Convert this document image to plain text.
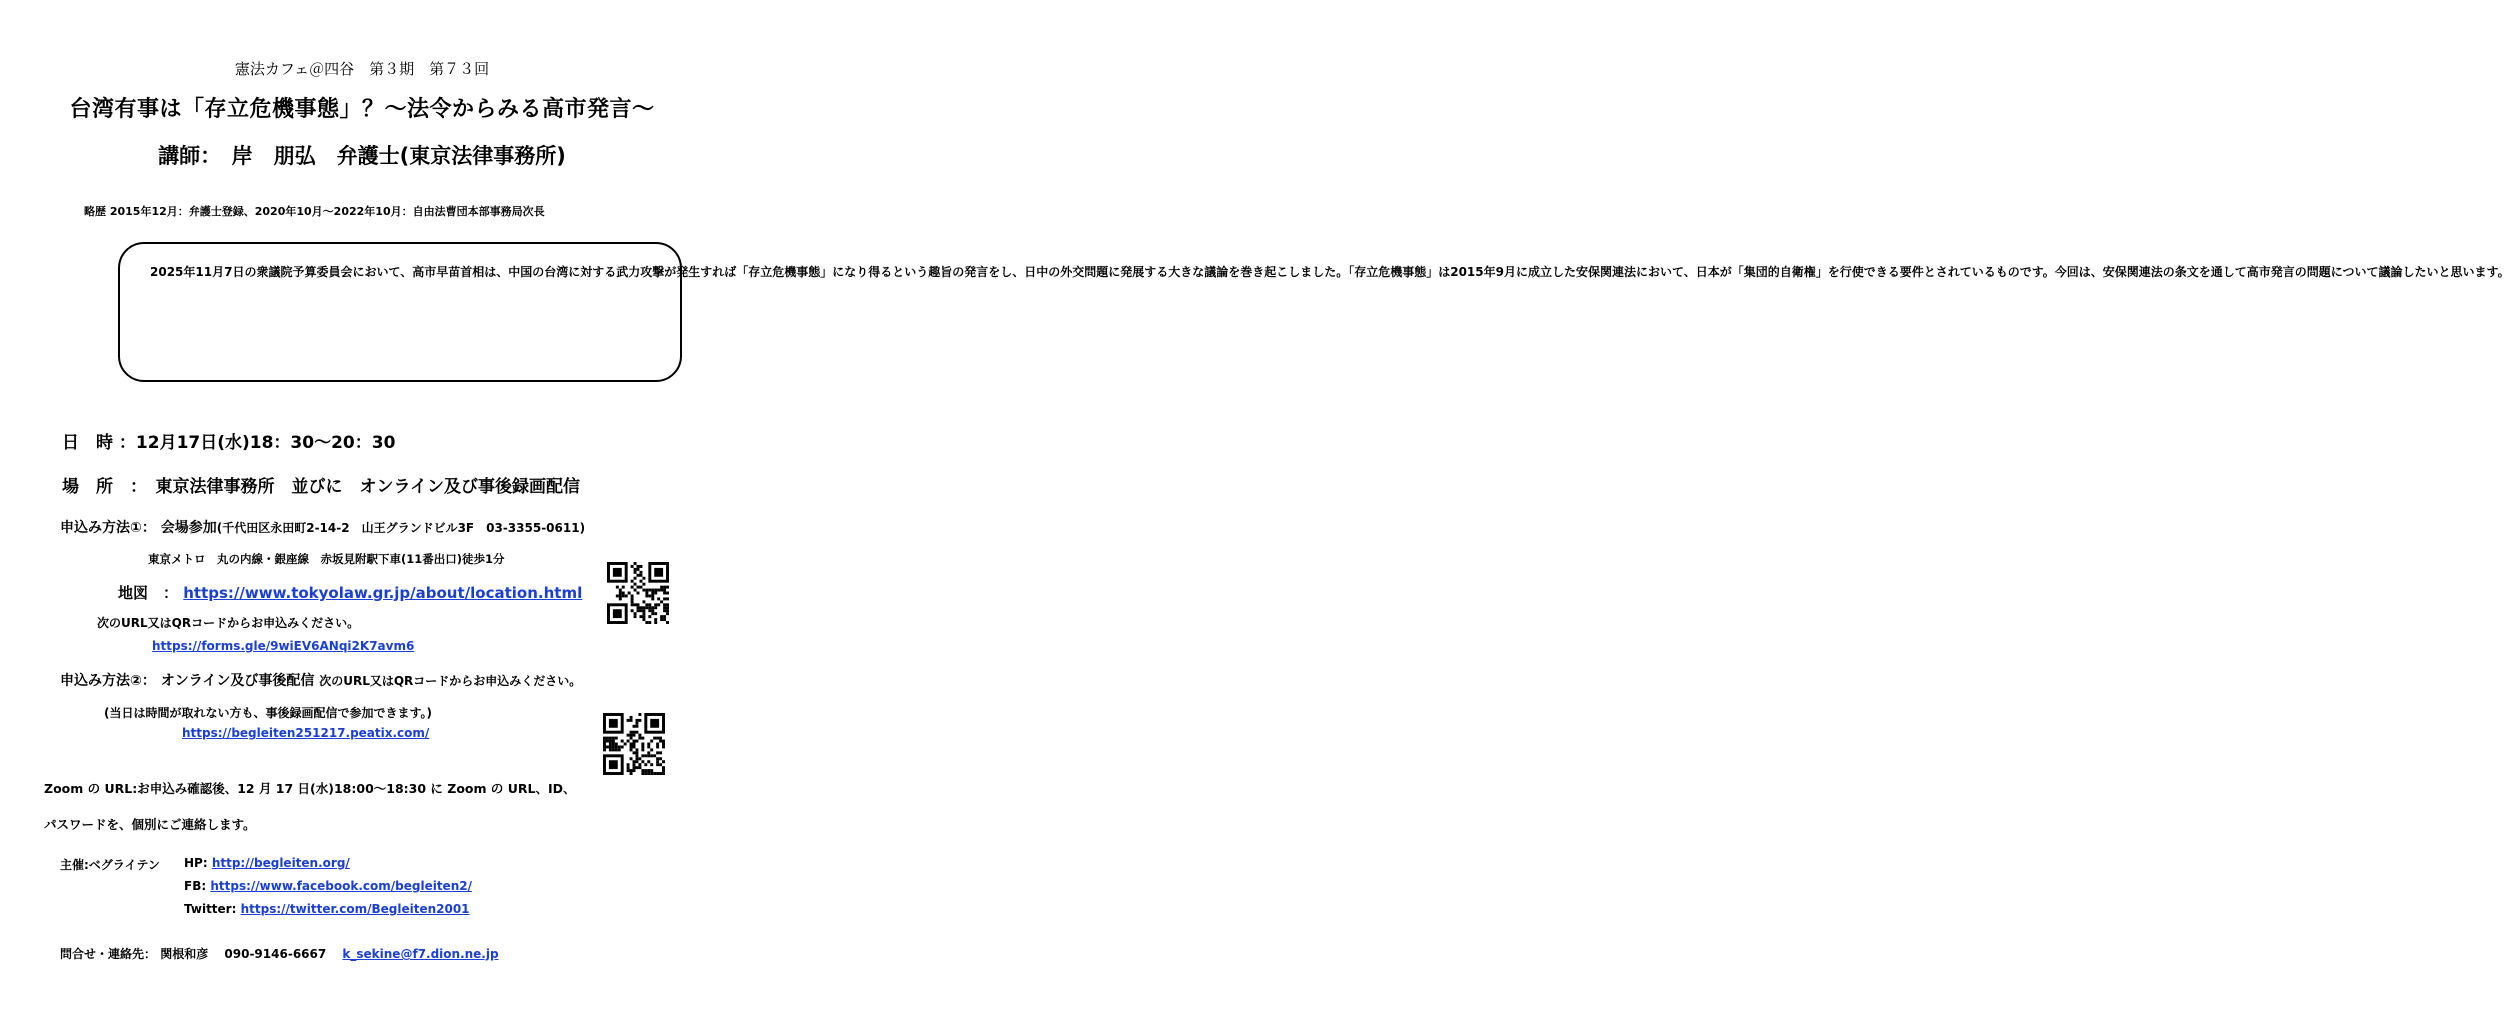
憲法カフェ＠四谷　第３期　第７３回
台湾有事は「存立危機事態」？～法令からみる高市発言～
講師：　岸　朋弘　弁護士(東京法律事務所)
略歴 2015年12月：弁護士登録、2020年10月～2022年10月：自由法曹団本部事務局次長

2025年11月7日の衆議院予算委員会において、高市早苗首相は、中国の台湾に対する武力攻撃が発生すれば「存立危機事態」になり得るという趣旨の発言をし、日中の外交問題に発展する大きな議論を巻き起こしました。「存立危機事態」は2015年9月に成立した安保関連法において、日本が「集団的自衛権」を行使できる要件とされているものです。今回は、安保関連法の条文を通して高市発言の問題について議論したいと思います。

日　時 ：12月17日(水)18：30～20：30
場　所　：　東京法律事務所　並びに　オンライン及び事後録画配信
申込み方法①： 会場参加(千代田区永田町2-14-2　山王グランドビル3F　03-3355-0611)
東京メトロ　丸の内線・銀座線　赤坂見附駅下車(11番出口)徒歩1分
地図　： https://www.tokyolaw.gr.jp/about/location.html
次のURL又はQRコードからお申込みください。
https://forms.gle/9wiEV6ANqi2K7avm6
申込み方法②： オンライン及び事後配信 次のURL又はQRコードからお申込みください。
(当日は時間が取れない方も、事後録画配信で参加できます。)
https://begleiten251217.peatix.com/
Zoom の URL:お申込み確認後、12 月 17 日(水)18:00～18:30 に Zoom の URL、ID、
パスワードを、個別にご連絡します。
主催:ベグライテン HP: http://begleiten.org/
FB: https://www.facebook.com/begleiten2/
Twitter: https://twitter.com/Begleiten2001
問合せ・連絡先： 関根和彦 090-9146-6667 k_sekine@f7.dion.ne.jp
